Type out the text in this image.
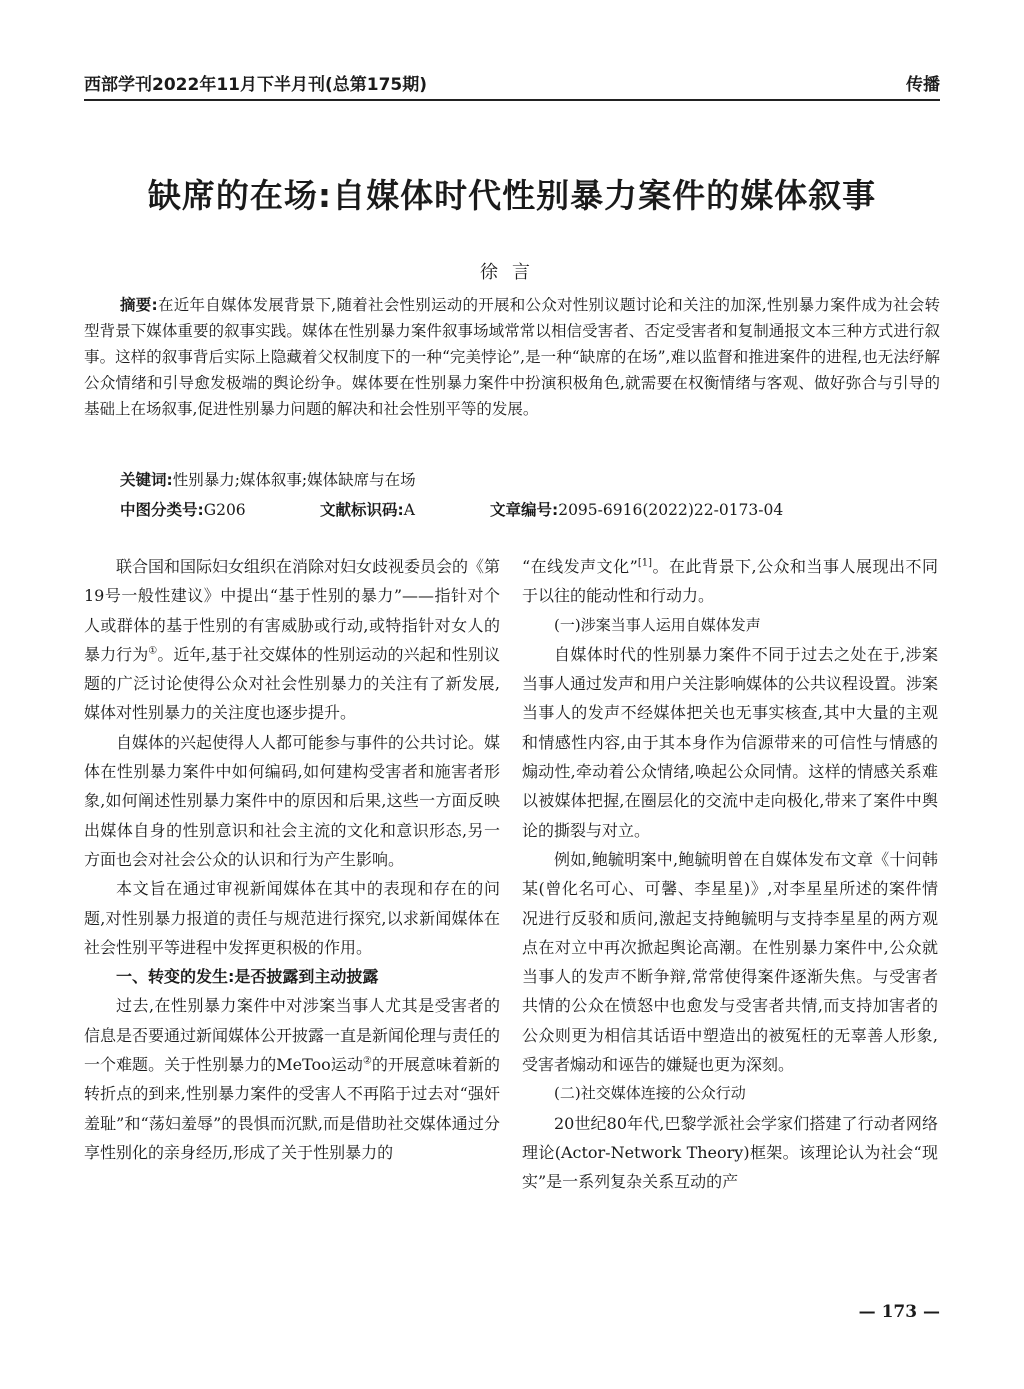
西部学刊2022年11月下半月刊(总第175期)	传播
缺席的在场:自媒体时代性别暴力案件的媒体叙事
徐言

摘要:在近年自媒体发展背景下,随着社会性别运动的开展和公众对性别议题讨论和关注的加深,性别暴力案件成为社会转型背景下媒体重要的叙事实践。媒体在性别暴力案件叙事场域常常以相信受害者、否定受害者和复制通报文本三种方式进行叙事。这样的叙事背后实际上隐藏着父权制度下的一种“完美悖论”,是一种“缺席的在场”,难以监督和推进案件的进程,也无法纾解公众情绪和引导愈发极端的舆论纷争。媒体要在性别暴力案件中扮演积极角色,就需要在权衡情绪与客观、做好弥合与引导的基础上在场叙事,促进性别暴力问题的解决和社会性别平等的发展。

关键词:性别暴力;媒体叙事;媒体缺席与在场

中图分类号:G206	文献标识码:A	文章编号:2095-6916(2022)22-0173-04

联合国和国际妇女组织在消除对妇女歧视委员会的《第19号一般性建议》中提出“基于性别的暴力”——指针对个人或群体的基于性别的有害威胁或行动,或特指针对女人的暴力行为①。近年,基于社交媒体的性别运动的兴起和性别议题的广泛讨论使得公众对社会性别暴力的关注有了新发展,媒体对性别暴力的关注度也逐步提升。

自媒体的兴起使得人人都可能参与事件的公共讨论。媒体在性别暴力案件中如何编码,如何建构受害者和施害者形象,如何阐述性别暴力案件中的原因和后果,这些一方面反映出媒体自身的性别意识和社会主流的文化和意识形态,另一方面也会对社会公众的认识和行为产生影响。

本文旨在通过审视新闻媒体在其中的表现和存在的问题,对性别暴力报道的责任与规范进行探究,以求新闻媒体在社会性别平等进程中发挥更积极的作用。

一、转变的发生:是否披露到主动披露

过去,在性别暴力案件中对涉案当事人尤其是受害者的信息是否要通过新闻媒体公开披露一直是新闻伦理与责任的一个难题。关于性别暴力的MeToo运动②的开展意味着新的转折点的到来,性别暴力案件的受害人不再陷于过去对“强奸羞耻”和“荡妇羞辱”的畏惧而沉默,而是借助社交媒体通过分享性别化的亲身经历,形成了关于性别暴力的

“在线发声文化”[1]。在此背景下,公众和当事人展现出不同于以往的能动性和行动力。

(一)涉案当事人运用自媒体发声

自媒体时代的性别暴力案件不同于过去之处在于,涉案当事人通过发声和用户关注影响媒体的公共议程设置。涉案当事人的发声不经媒体把关也无事实核查,其中大量的主观和情感性内容,由于其本身作为信源带来的可信性与情感的煽动性,牵动着公众情绪,唤起公众同情。这样的情感关系难以被媒体把握,在圈层化的交流中走向极化,带来了案件中舆论的撕裂与对立。

例如,鲍毓明案中,鲍毓明曾在自媒体发布文章《十问韩某(曾化名可心、可馨、李星星)》,对李星星所述的案件情况进行反驳和质问,激起支持鲍毓明与支持李星星的两方观点在对立中再次掀起舆论高潮。在性别暴力案件中,公众就当事人的发声不断争辩,常常使得案件逐渐失焦。与受害者共情的公众在愤怒中也愈发与受害者共情,而支持加害者的公众则更为相信其话语中塑造出的被冤枉的无辜善人形象,受害者煽动和诬告的嫌疑也更为深刻。

(二)社交媒体连接的公众行动

20世纪80年代,巴黎学派社会学家们搭建了行动者网络理论(Actor-Network Theory)框架。该理论认为社会“现实”是一系列复杂关系互动的产

— 173 —
